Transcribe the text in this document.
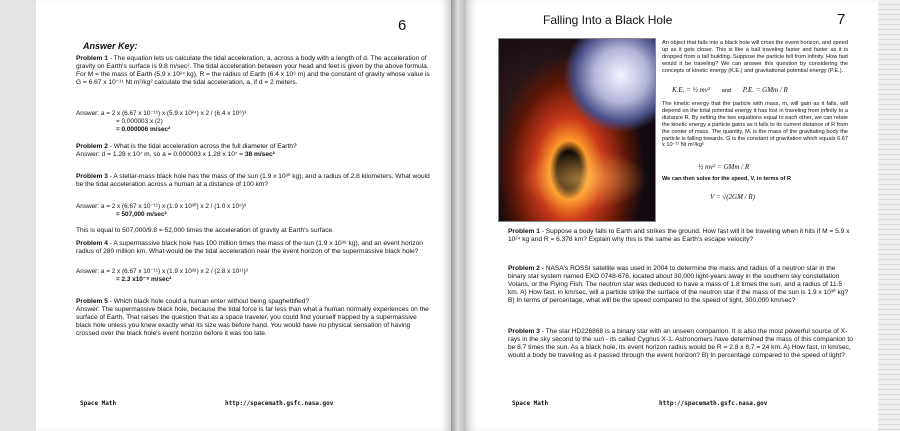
6
Answer Key:
Problem 1 - The equation lets us calculate the tidal acceleration, a, across a body with a length of d. The acceleration of gravity on Earth's surface is 9.8 m/sec². The tidal acceleration between your head and feet is given by the above formula. For M = the mass of Earth (5.9 x 10²⁴ kg), R = the radius of Earth (6.4 x 10⁶ m) and the constant of gravity whose value is G = 6.67 x 10⁻¹¹ Nt m²/kg² calculate the tidal acceleration, a, if d = 2 meters.
Answer: a = 2 x (6.67 x 10⁻¹¹) x (5.9 x 10²⁴) x 2 / (6.4 x 10⁶)³
= 0.000003 x (2)
= 0.000006 m/sec²
Problem 2 - What is the tidal acceleration across the full diameter of Earth?
Answer: d = 1.28 x 10⁷ m, so a = 0.000003 x 1.28 x 10⁷ = 38 m/sec²
Problem 3 - A stellar-mass black hole has the mass of the sun (1.9 x 10³⁰ kg), and a radius of 2.8 kilometers. What would be the tidal acceleration across a human at a distance of 100 km?
Answer: a = 2 x (6.67 x 10⁻¹¹) x (1.9 x 10³⁰) x 2 / (1.0 x 10⁵)³
= 507,000 m/sec²
This is equal to 507,000/9.8 = 52,000 times the acceleration of gravity at Earth's surface.
Problem 4 - A supermassive black hole has 100 million times the mass of the sun (1.9 x 10³⁸ kg), and an event horizon radius of 280 million km. What would be the tidal acceleration near the event horizon of the supermassive black hole?
Answer: a = 2 x (6.67 x 10⁻¹¹) x (1.9 x 10³⁸) x 2 / (2.8 x 10¹¹)³
= 2.3 x10⁻⁸ m/sec²
Problem 5 - Which black hole could a human enter without being spaghettified?
Answer: The supermassive black hole, because the tidal force is far less than what a human normally experiences on the surface of Earth. That raises the question that as a space traveler, you could find yourself trapped by a supermassive black hole unless you knew exactly what its size was before hand. You would have no physical sensation of having crossed over the black hole's event horizon before it was too late.
Space Math	http://spacemath.gsfc.nasa.gov
Falling Into a Black Hole	7
An object that falls into a black hole will cross the event horizon, and speed up as it gets closer. This is like a ball traveling faster and faster as it is dropped from a tall building. Suppose the particle fell from infinity. How fast would it be traveling? We can answer this question by considering the concepts of kinetic energy (K.E.) and gravitational potential energy (P.E.).
K.E. = ½ mv² and P.E. = GMm / R
The kinetic energy that the particle with mass, m, will gain as it falls, will depend on the total potential energy it has lost in traveling from infinity to a distance R. By setting the two equations equal to each other, we can relate the kinetic energy a particle gains as it falls to its current distance of R from the center of mass. The quantity, M, is the mass of the gravitating body the particle is falling towards. G is the constant of gravitation which equals 6.67 x 10⁻¹¹ Nt m²/kg²
½ mv² = GMm / R
We can then solve for the speed, V, in terms of R
V = √(2GM / R)
Problem 1 - Suppose a body falls to Earth and strikes the ground. How fast will it be traveling when it hits if M = 5.9 x 10²⁴ kg and R = 6.378 km? Explain why this is the same as Earth's escape velocity?
Problem 2 - NASA's ROSSI satellite was used in 2004 to determine the mass and radius of a neutron star in the binary star system named EXO 0748-676, located about 30,000 light-years away in the southern sky constellation Volans, or the Flying Fish. The neutron star was deduced to have a mass of 1.8 times the sun, and a radius of 11.5 km. A) How fast, in km/sec, will a particle strike the surface of the neutron star if the mass of the sun is 1.9 x 10³⁰ kg? B) In terms of percentage, what will be the speed compared to the speed of light, 300,000 km/sec?
Problem 3 - The star HD226868 is a binary star with an unseen companion. It is also the most powerful source of X-rays in the sky second to the sun - its called Cygnus X-1. Astronomers have determined the mass of this companion to be 8.7 times the sun. As a black hole, its event horizon radius would be R = 2.8 x 8.7 = 24 km. A) How fast, in km/sec, would a body be traveling as it passed through the event horizon? B) In percentage compared to the speed of light?
Space Math	http://spacemath.gsfc.nasa.gov
